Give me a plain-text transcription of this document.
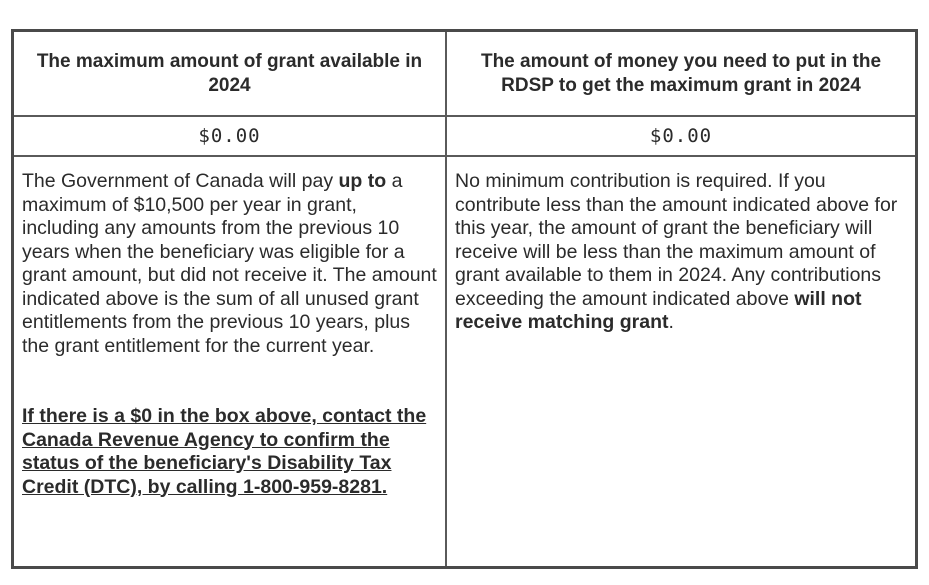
The maximum amount of grant available in 2024
The amount of money you need to put in the RDSP to get the maximum grant in 2024
$0.00	$0.00

The Government of Canada will pay up to a maximum of $10,500 per year in grant, including any amounts from the previous 10 years when the beneficiary was eligible for a grant amount, but did not receive it. The amount indicated above is the sum of all unused grant entitlements from the previous 10 years, plus the grant entitlement for the current year.

If there is a $0 in the box above, contact the Canada Revenue Agency to confirm the status of the beneficiary's Disability Tax Credit (DTC), by calling 1-800-959-8281.

No minimum contribution is required. If you contribute less than the amount indicated above for this year, the amount of grant the beneficiary will receive will be less than the maximum amount of grant available to them in 2024. Any contributions exceeding the amount indicated above will not receive matching grant.
